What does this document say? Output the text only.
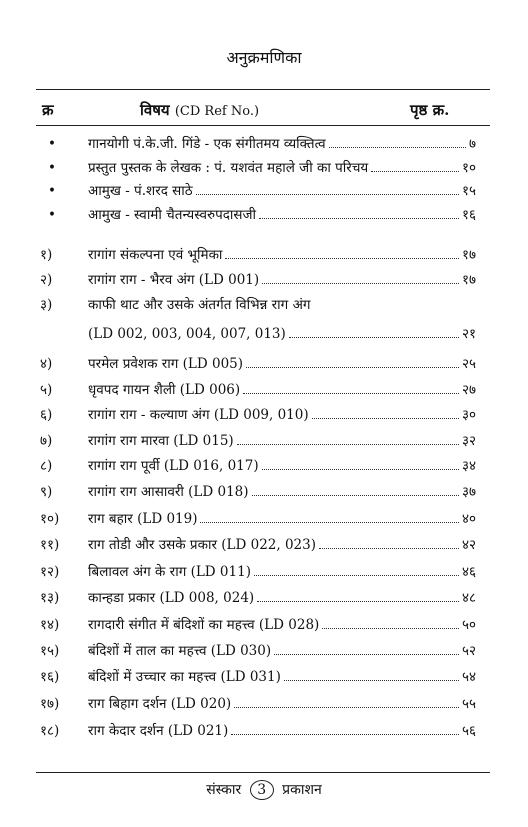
अनुक्रमणिका
क्र	विषय (CD Ref No.)	पृष्ठ क्र.
•	गानयोगी पं.के.जी. गिंडे - एक संगीतमय व्यक्तित्व	७
•	प्रस्तुत पुस्तक के लेखक : पं. यशवंत महाले जी का परिचय	१०
•	आमुख - पं.शरद साठे	१५
•	आमुख - स्वामी चैतन्यस्वरुपदासजी	१६
१)	रागांग संकल्पना एवं भूमिका	१७
२)	रागांग राग - भैरव अंग (LD 001)	१७
३)	काफी थाट और उसके अंतर्गत विभिन्न राग अंग
(LD 002, 003, 004, 007, 013)	२१
४)	परमेल प्रवेशक राग (LD 005)	२५
५)	धृवपद गायन शैली (LD 006)	२७
६)	रागांग राग - कल्याण अंग (LD 009, 010)	३०
७)	रागांग राग मारवा (LD 015)	३२
८)	रागांग राग पूर्वी (LD 016, 017)	३४
९)	रागांग राग आसावरी (LD 018)	३७
१०)	राग बहार (LD 019)	४०
११)	राग तोडी और उसके प्रकार (LD 022, 023)	४२
१२)	बिलावल अंग के राग (LD 011)	४६
१३)	कान्हडा प्रकार (LD 008, 024)	४८
१४)	रागदारी संगीत में बंदिशों का महत्त्व (LD 028)	५०
१५)	बंदिशों में ताल का महत्त्व (LD 030)	५२
१६)	बंदिशों में उच्चार का महत्त्व (LD 031)	५४
१७)	राग बिहाग दर्शन (LD 020)	५५
१८)	राग केदार दर्शन (LD 021)	५६
संस्कार 3 प्रकाशन
